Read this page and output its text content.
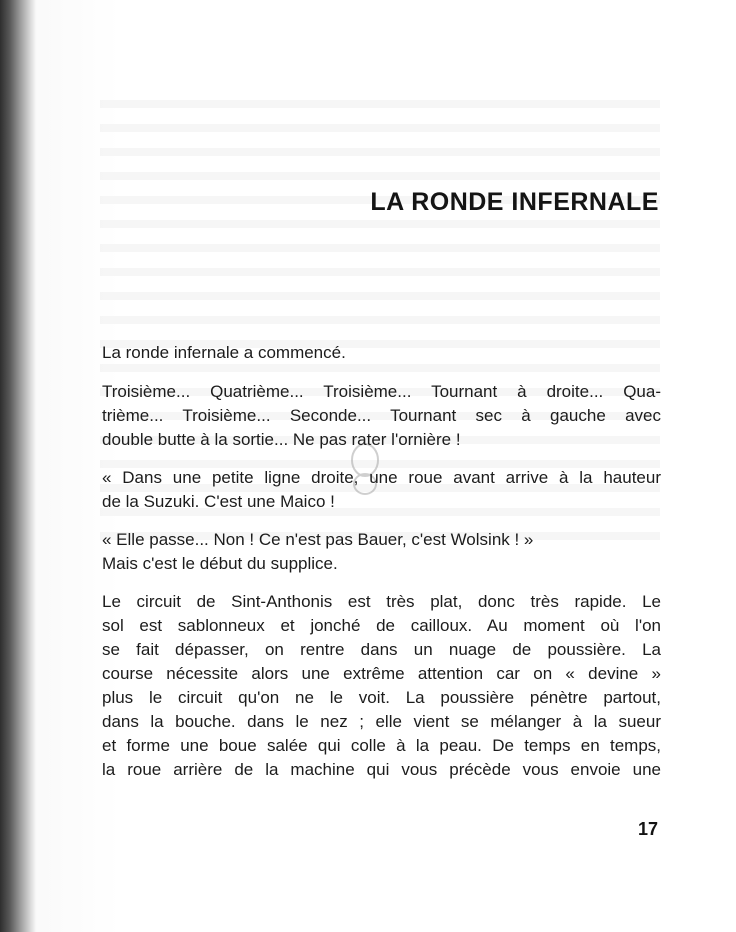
LA RONDE INFERNALE

La ronde infernale a commencé.

Troisième... Quatrième... Troisième... Tournant à droite... Qua-
trième... Troisième... Seconde... Tournant sec à gauche avec
double butte à la sortie... Ne pas rater l'ornière !

« Dans une petite ligne droite, une roue avant arrive à la hauteur
de la Suzuki. C'est une Maico !

« Elle passe... Non ! Ce n'est pas Bauer, c'est Wolsink ! »
Mais c'est le début du supplice.

Le circuit de Sint-Anthonis est très plat, donc très rapide. Le
sol est sablonneux et jonché de cailloux. Au moment où l'on
se fait dépasser, on rentre dans un nuage de poussière. La
course nécessite alors une extrême attention car on « devine »
plus le circuit qu'on ne le voit. La poussière pénètre partout,
dans la bouche. dans le nez ; elle vient se mélanger à la sueur
et forme une boue salée qui colle à la peau. De temps en temps,
la roue arrière de la machine qui vous précède vous envoie une

17
